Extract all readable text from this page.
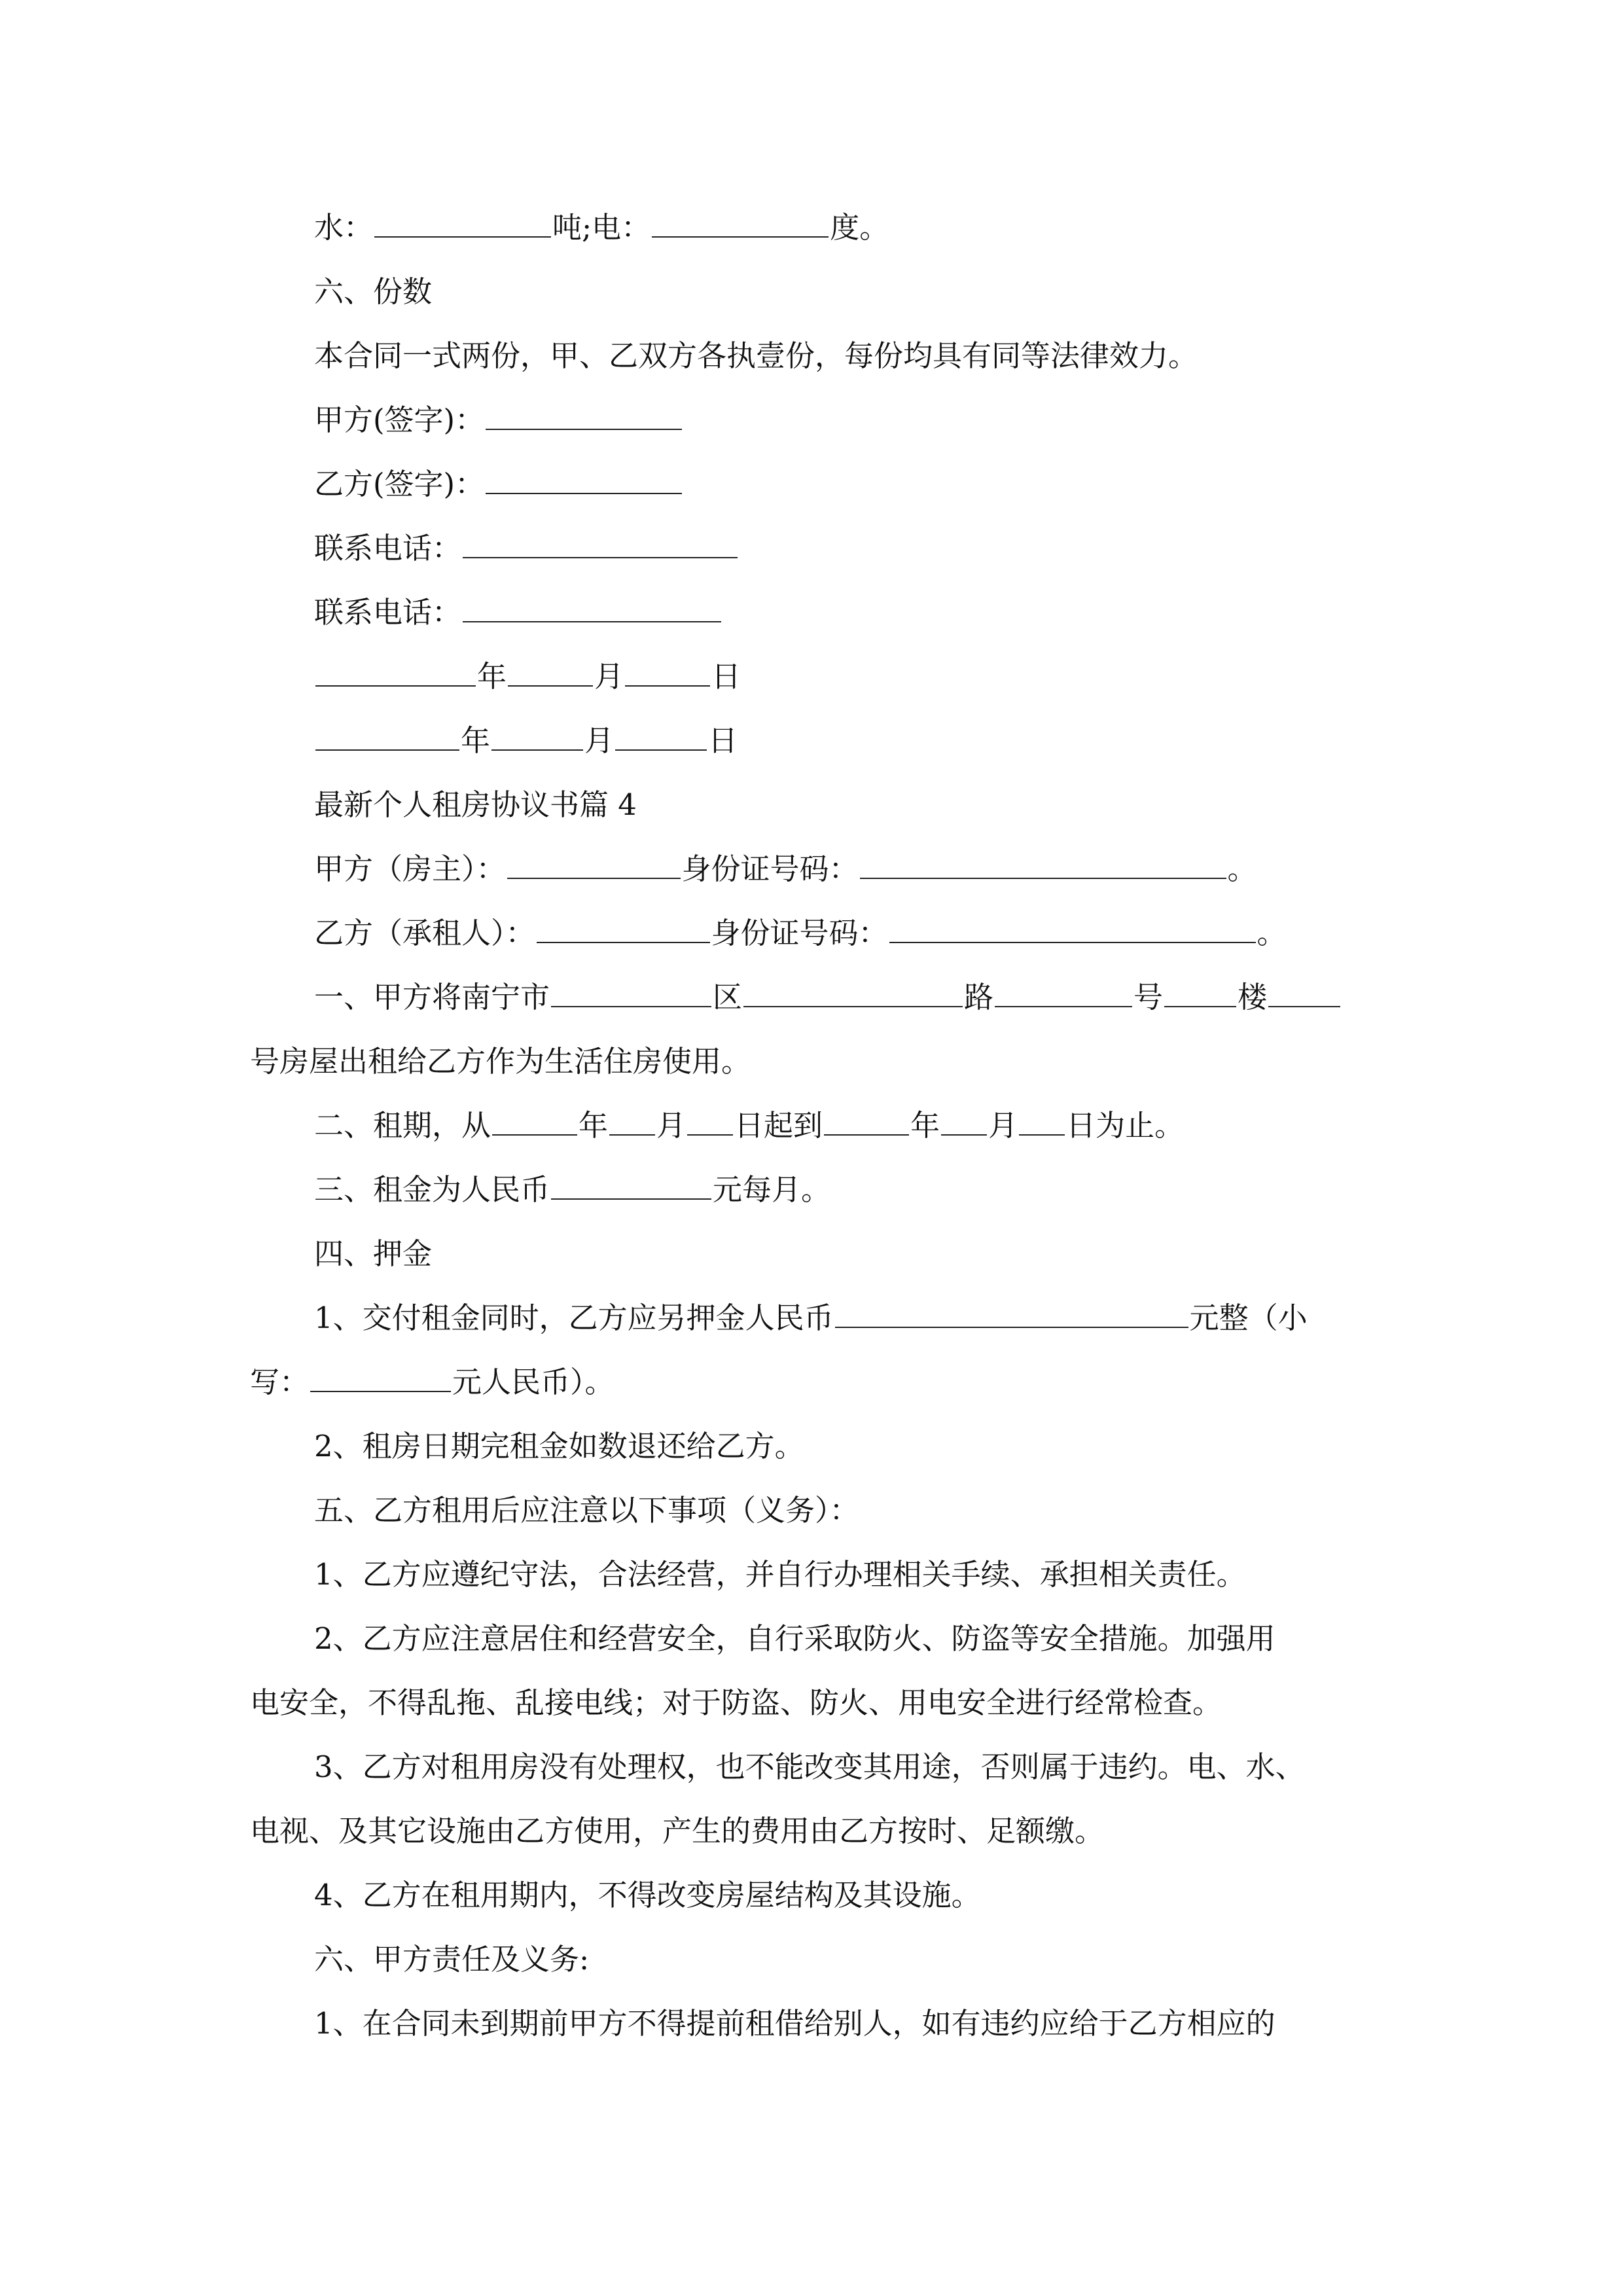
水：	吨;电：	度。
六、份数
本合同一式两份，甲、乙双方各执壹份，每份均具有同等法律效力。
甲方(签字)：
乙方(签字)：
联系电话：
联系电话：
年	月	日
年	月	日
最新个人租房协议书篇 4
甲方（房主）：	身份证号码：	。
乙方（承租人）：	身份证号码：	。
一、甲方将南宁市	区	路	号	楼
号房屋出租给乙方作为生活住房使用。
二、租期，从	年 月 日起到	年 月 日为止。
三、租金为人民币	元每月。
四、押金
1、交付租金同时，乙方应另押金人民币	元整（小
写：	元人民币）。
2、租房日期完租金如数退还给乙方。
五、乙方租用后应注意以下事项（义务）：
1、乙方应遵纪守法，合法经营，并自行办理相关手续、承担相关责任。
2、乙方应注意居住和经营安全，自行采取防火、防盗等安全措施。加强用
电安全，不得乱拖、乱接电线；对于防盗、防火、用电安全进行经常检查。
3、乙方对租用房没有处理权，也不能改变其用途，否则属于违约。电、水、
电视、及其它设施由乙方使用，产生的费用由乙方按时、足额缴。
4、乙方在租用期内，不得改变房屋结构及其设施。
六、甲方责任及义务:
1、在合同未到期前甲方不得提前租借给别人，如有违约应给于乙方相应的
